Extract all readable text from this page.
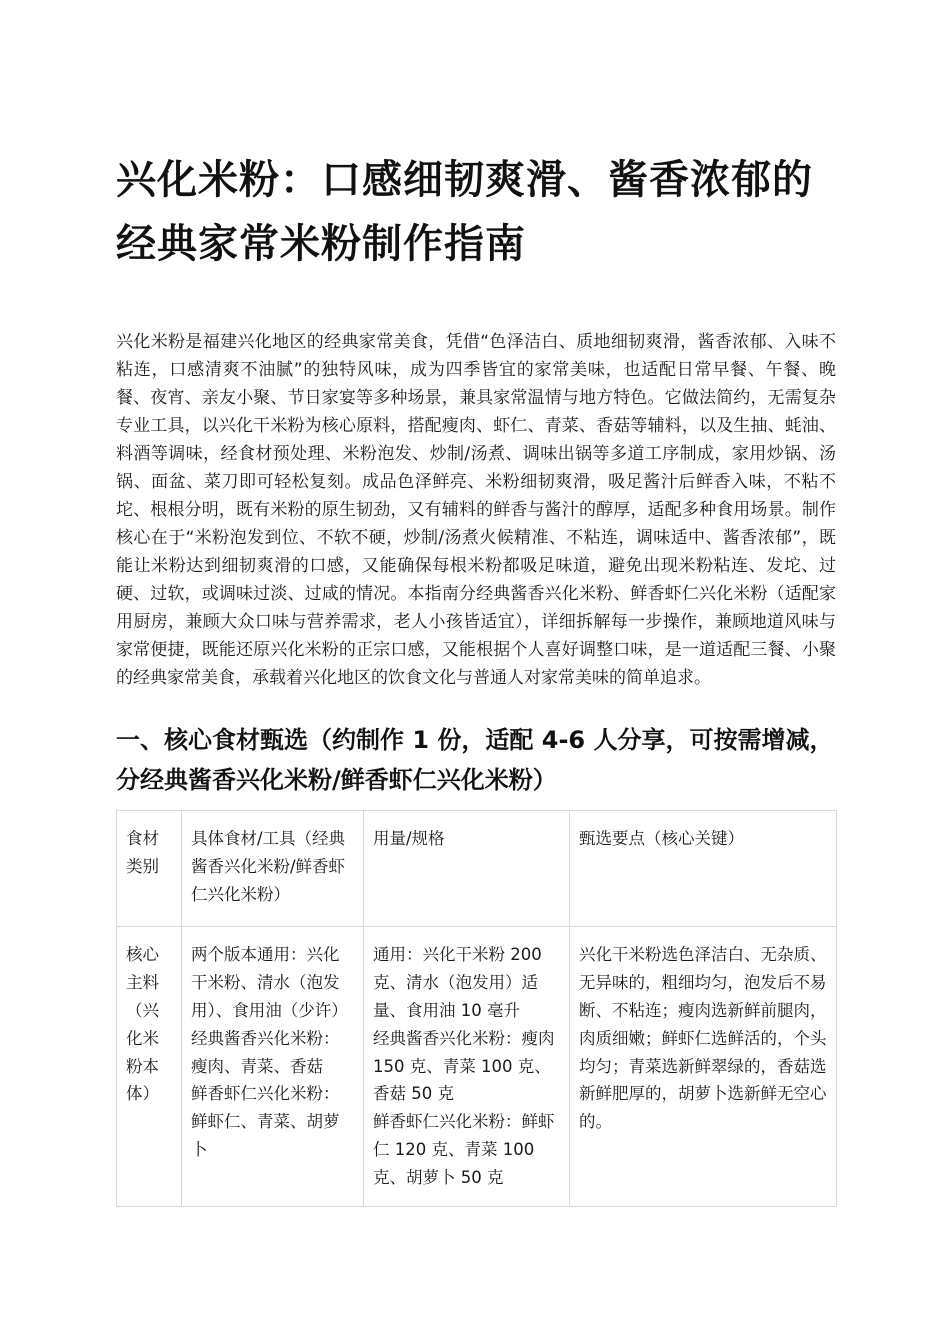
兴化米粉：口感细韧爽滑、酱香浓郁的经典家常米粉制作指南

兴化米粉是福建兴化地区的经典家常美食，凭借“色泽洁白、质地细韧爽滑，酱香浓郁、入味不粘连，口感清爽不油腻”的独特风味，成为四季皆宜的家常美味，也适配日常早餐、午餐、晚餐、夜宵、亲友小聚、节日家宴等多种场景，兼具家常温情与地方特色。它做法简约，无需复杂专业工具，以兴化干米粉为核心原料，搭配瘦肉、虾仁、青菜、香菇等辅料，以及生抽、蚝油、料酒等调味，经食材预处理、米粉泡发、炒制/汤煮、调味出锅等多道工序制成，家用炒锅、汤锅、面盆、菜刀即可轻松复刻。成品色泽鲜亮、米粉细韧爽滑，吸足酱汁后鲜香入味，不粘不坨、根根分明，既有米粉的原生韧劲，又有辅料的鲜香与酱汁的醇厚，适配多种食用场景。制作核心在于“米粉泡发到位、不软不硬，炒制/汤煮火候精准、不粘连，调味适中、酱香浓郁”，既能让米粉达到细韧爽滑的口感，又能确保每根米粉都吸足味道，避免出现米粉粘连、发坨、过硬、过软，或调味过淡、过咸的情况。本指南分经典酱香兴化米粉、鲜香虾仁兴化米粉（适配家用厨房，兼顾大众口味与营养需求，老人小孩皆适宜），详细拆解每一步操作，兼顾地道风味与家常便捷，既能还原兴化米粉的正宗口感，又能根据个人喜好调整口味，是一道适配三餐、小聚的经典家常美食，承载着兴化地区的饮食文化与普通人对家常美味的简单追求。

一、核心食材甄选（约制作 1 份，适配 4-6 人分享，可按需增减，分经典酱香兴化米粉/鲜香虾仁兴化米粉）
食材类别	具体食材/工具（经典酱香兴化米粉/鲜香虾仁兴化米粉）	用量/规格	甄选要点（核心关键）
核心主料（兴化米粉本体）	两个版本通用：兴化干米粉、清水（泡发用）、食用油（少许）
经典酱香兴化米粉：瘦肉、青菜、香菇
鲜香虾仁兴化米粉：鲜虾仁、青菜、胡萝卜	通用：兴化干米粉 200 克、清水（泡发用）适量、食用油 10 毫升
经典酱香兴化米粉：瘦肉 150 克、青菜 100 克、香菇 50 克
鲜香虾仁兴化米粉：鲜虾仁 120 克、青菜 100 克、胡萝卜 50 克	兴化干米粉选色泽洁白、无杂质、无异味的，粗细均匀，泡发后不易断、不粘连；瘦肉选新鲜前腿肉，肉质细嫩；鲜虾仁选鲜活的，个头均匀；青菜选新鲜翠绿的，香菇选新鲜肥厚的，胡萝卜选新鲜无空心的。
